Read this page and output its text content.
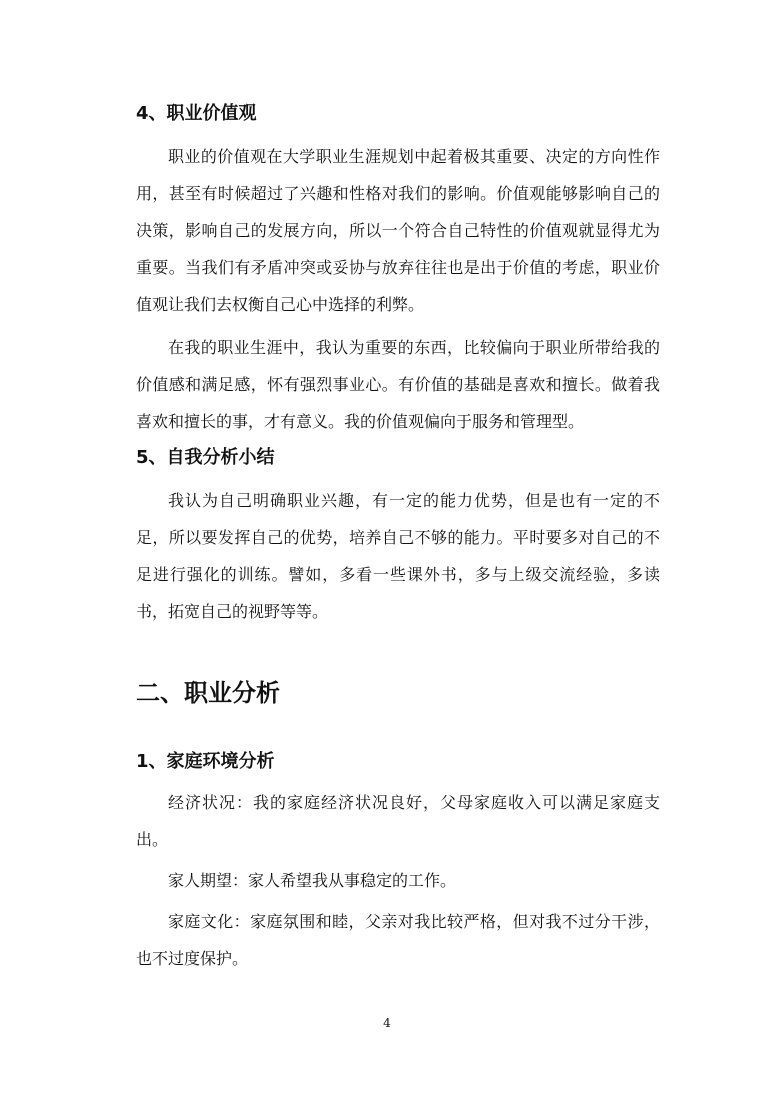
4、职业价值观

职业的价值观在大学职业生涯规划中起着极其重要、决定的方向性作用，甚至有时候超过了兴趣和性格对我们的影响。价值观能够影响自己的决策，影响自己的发展方向，所以一个符合自己特性的价值观就显得尤为重要。当我们有矛盾冲突或妥协与放弃往往也是出于价值的考虑，职业价值观让我们去权衡自己心中选择的利弊。

在我的职业生涯中，我认为重要的东西，比较偏向于职业所带给我的价值感和满足感，怀有强烈事业心。有价值的基础是喜欢和擅长。做着我喜欢和擅长的事，才有意义。我的价值观偏向于服务和管理型。

5、自我分析小结

我认为自己明确职业兴趣，有一定的能力优势，但是也有一定的不足，所以要发挥自己的优势，培养自己不够的能力。平时要多对自己的不足进行强化的训练。譬如，多看一些课外书，多与上级交流经验，多读书，拓宽自己的视野等等。

二、职业分析
1、家庭环境分析

经济状况：我的家庭经济状况良好，父母家庭收入可以满足家庭支出。

家人期望：家人希望我从事稳定的工作。

家庭文化：家庭氛围和睦，父亲对我比较严格，但对我不过分干涉，也不过度保护。

4
